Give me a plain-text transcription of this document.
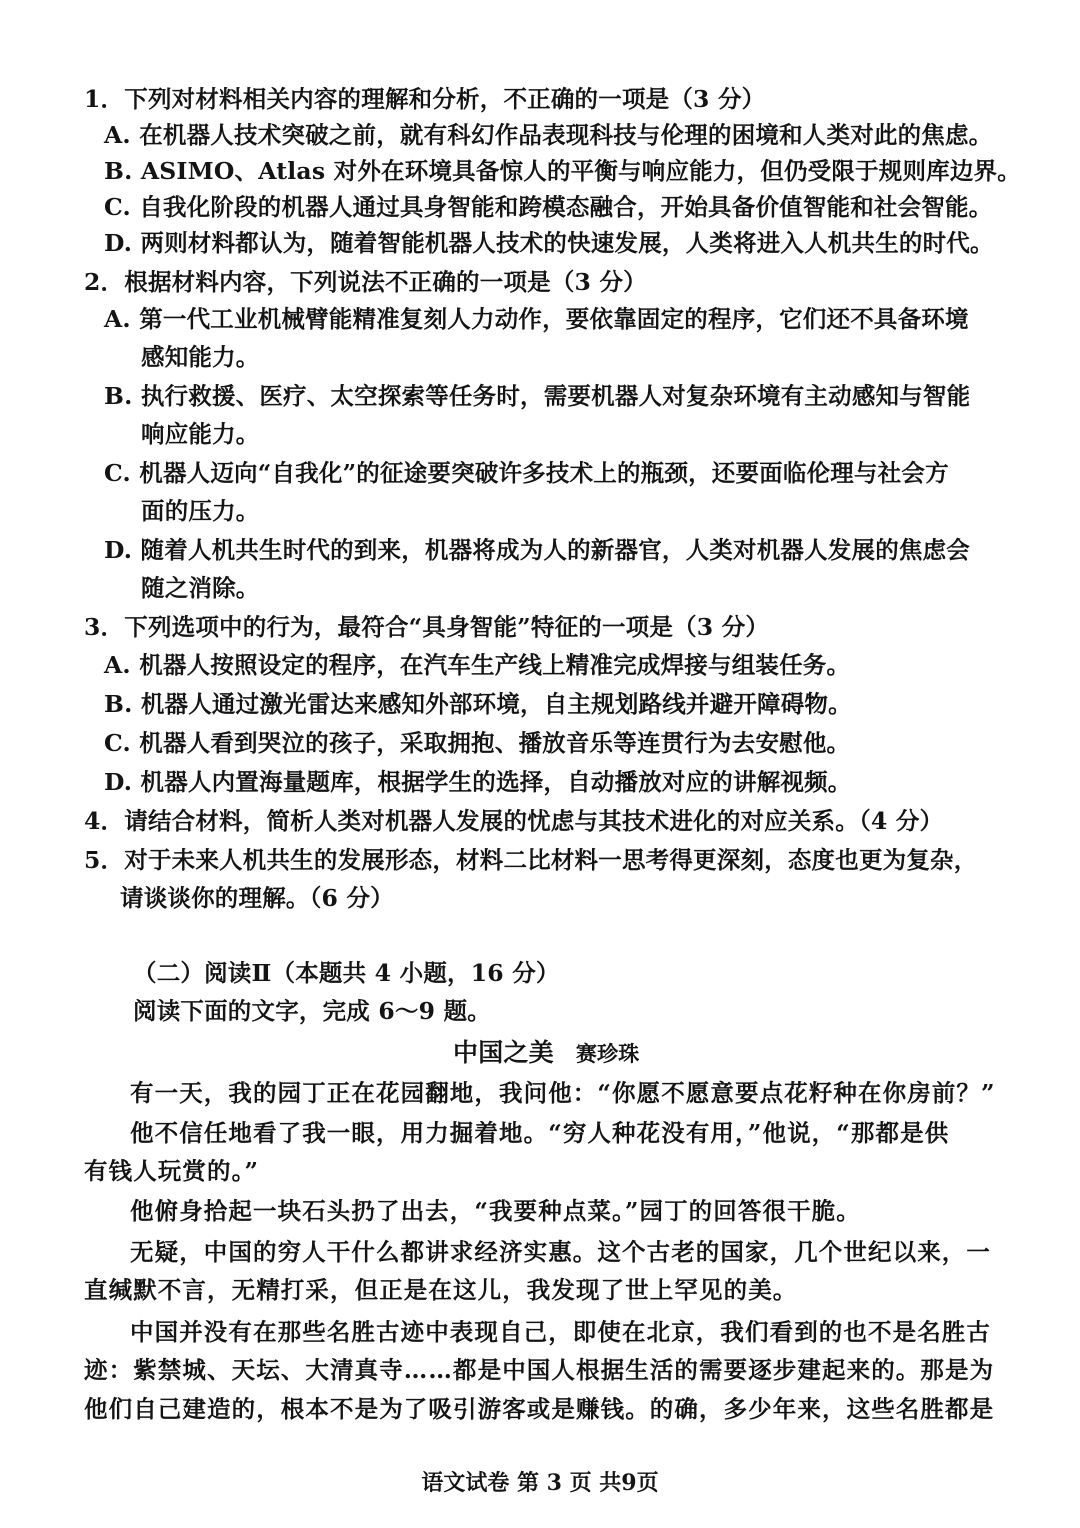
1．下列对材料相关内容的理解和分析，不正确的一项是（3 分）
A. 在机器人技术突破之前，就有科幻作品表现科技与伦理的困境和人类对此的焦虑。
B. ASIMO、Atlas 对外在环境具备惊人的平衡与响应能力，但仍受限于规则库边界。
C. 自我化阶段的机器人通过具身智能和跨模态融合，开始具备价值智能和社会智能。
D. 两则材料都认为，随着智能机器人技术的快速发展，人类将进入人机共生的时代。
2．根据材料内容，下列说法不正确的一项是（3 分）
A. 第一代工业机械臂能精准复刻人力动作，要依靠固定的程序，它们还不具备环境
感知能力。
B. 执行救援、医疗、太空探索等任务时，需要机器人对复杂环境有主动感知与智能
响应能力。
C. 机器人迈向“自我化”的征途要突破许多技术上的瓶颈，还要面临伦理与社会方
面的压力。
D. 随着人机共生时代的到来，机器将成为人的新器官，人类对机器人发展的焦虑会
随之消除。
3．下列选项中的行为，最符合“具身智能”特征的一项是（3 分）
A. 机器人按照设定的程序，在汽车生产线上精准完成焊接与组装任务。
B. 机器人通过激光雷达来感知外部环境，自主规划路线并避开障碍物。
C. 机器人看到哭泣的孩子，采取拥抱、播放音乐等连贯行为去安慰他。
D. 机器人内置海量题库，根据学生的选择，自动播放对应的讲解视频。
4．请结合材料，简析人类对机器人发展的忧虑与其技术进化的对应关系。（4 分）
5．对于未来人机共生的发展形态，材料二比材料一思考得更深刻，态度也更为复杂，
请谈谈你的理解。（6 分）
（二）阅读Ⅱ（本题共 4 小题，16 分）
阅读下面的文字，完成 6～9 题。
中国之美 赛珍珠
有一天，我的园丁正在花园翻地，我问他：“你愿不愿意要点花籽种在你房前？”
他不信任地看了我一眼，用力掘着地。“穷人种花没有用，”他说，“那都是供
有钱人玩赏的。”
他俯身拾起一块石头扔了出去，“我要种点菜。”园丁的回答很干脆。
无疑，中国的穷人干什么都讲求经济实惠。这个古老的国家，几个世纪以来，一
直缄默不言，无精打采，但正是在这儿，我发现了世上罕见的美。
中国并没有在那些名胜古迹中表现自己，即使在北京，我们看到的也不是名胜古
迹：紫禁城、天坛、大清真寺……都是中国人根据生活的需要逐步建起来的。那是为
他们自己建造的，根本不是为了吸引游客或是赚钱。的确，多少年来，这些名胜都是
语文试卷 第 3 页 共9页
